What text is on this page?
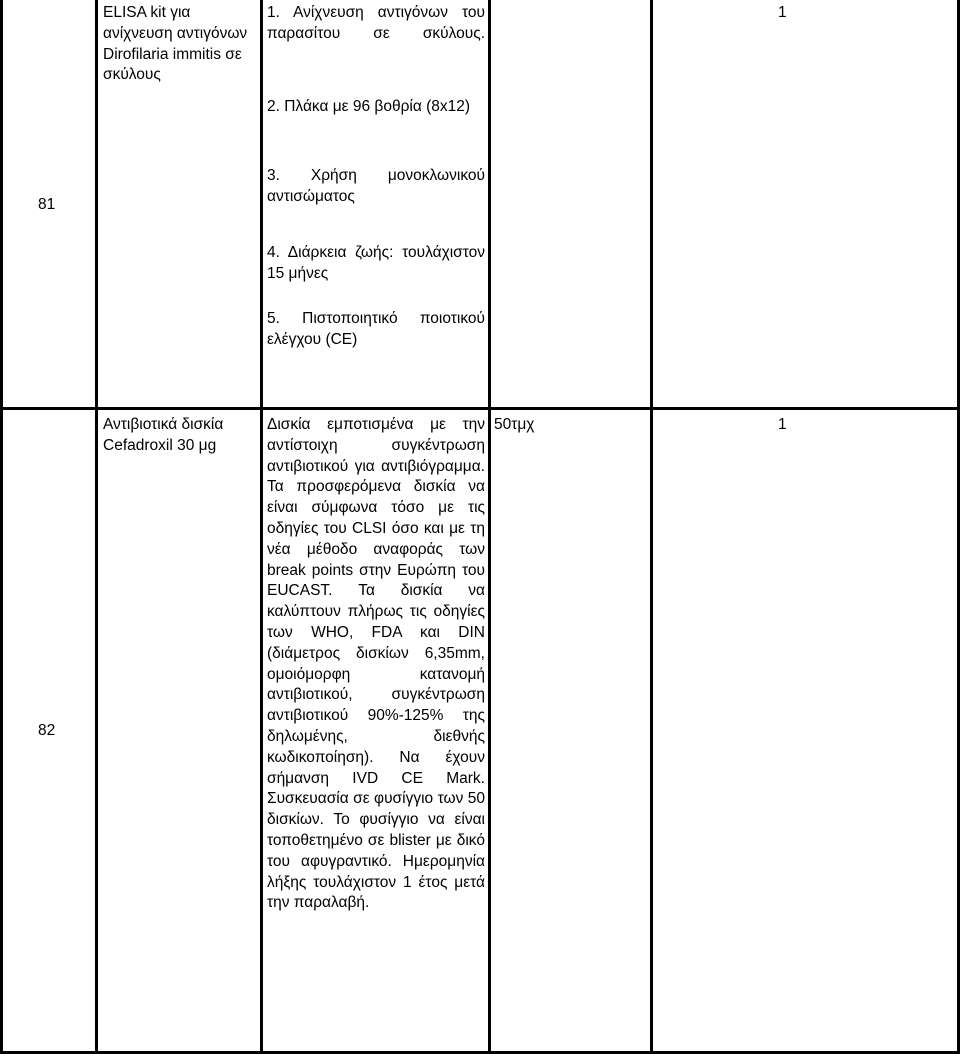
81
ELISA kit για ανίχνευση αντιγόνων Dirofilaria immitis σε σκύλους
1. Ανίχνευση αντιγόνων του παρασίτου σε σκύλους.
2. Πλάκα με 96 βοθρία (8x12)
3. Χρήση μονοκλωνικού αντισώματος
4. Διάρκεια ζωής: τουλάχιστον 15 μήνες
5. Πιστοποιητικό ποιοτικού ελέγχου (CE)
1
82
Αντιβιοτικά δισκία Cefadroxil 30 μg
Δισκία εμποτισμένα με την αντίστοιχη συγκέντρωση αντιβιοτικού για αντιβιόγραμμα. Τα προσφερόμενα δισκία να είναι σύμφωνα τόσο με τις οδηγίες του CLSI όσο και με τη νέα μέθοδο αναφοράς των break points στην Ευρώπη του EUCAST. Τα δισκία να καλύπτουν πλήρως τις οδηγίες των WHO, FDA και DIN (διάμετρος δισκίων 6,35mm, ομοιόμορφη κατανομή αντιβιοτικού, συγκέντρωση αντιβιοτικού 90%-125% της δηλωμένης, διεθνής κωδικοποίηση). Να έχουν σήμανση IVD CE Mark. Συσκευασία σε φυσίγγιο των 50 δισκίων. Το φυσίγγιο να είναι τοποθετημένο σε blister με δικό του αφυγραντικό. Ημερομηνία λήξης τουλάχιστον 1 έτος μετά την παραλαβή.
50τμχ	1
